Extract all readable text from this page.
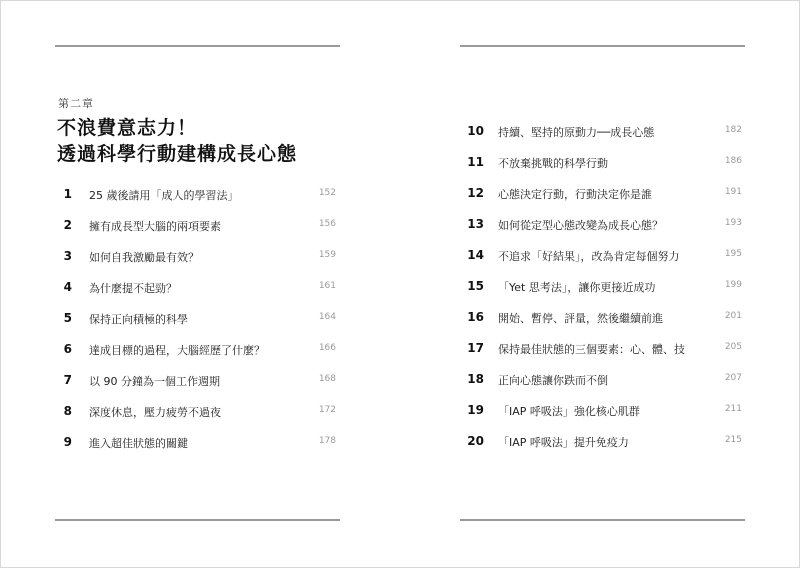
第二章
不浪費意志力！
透過科學行動建構成長心態
1 25 歲後請用「成人的學習法」	152
2 擁有成長型大腦的兩項要素	156
3 如何自我激勵最有效？	159
4 為什麼提不起勁？	161
5 保持正向積極的科學	164
6 達成目標的過程，大腦經歷了什麼？	166
7 以 90 分鐘為一個工作週期	168
8 深度休息，壓力疲勞不過夜	172
9 進入超佳狀態的關鍵	178
10 持續、堅持的原動力──成長心態	182
11 不放棄挑戰的科學行動	186
12 心態決定行動，行動決定你是誰	191
13 如何從定型心態改變為成長心態？	193
14 不追求「好結果」，改為肯定每個努力	195
15 「Yet 思考法」，讓你更接近成功	199
16 開始、暫停、評量，然後繼續前進	201
17 保持最佳狀態的三個要素：心、體、技	205
18 正向心態讓你跌而不倒	207
19 「IAP 呼吸法」強化核心肌群	211
20 「IAP 呼吸法」提升免疫力	215
